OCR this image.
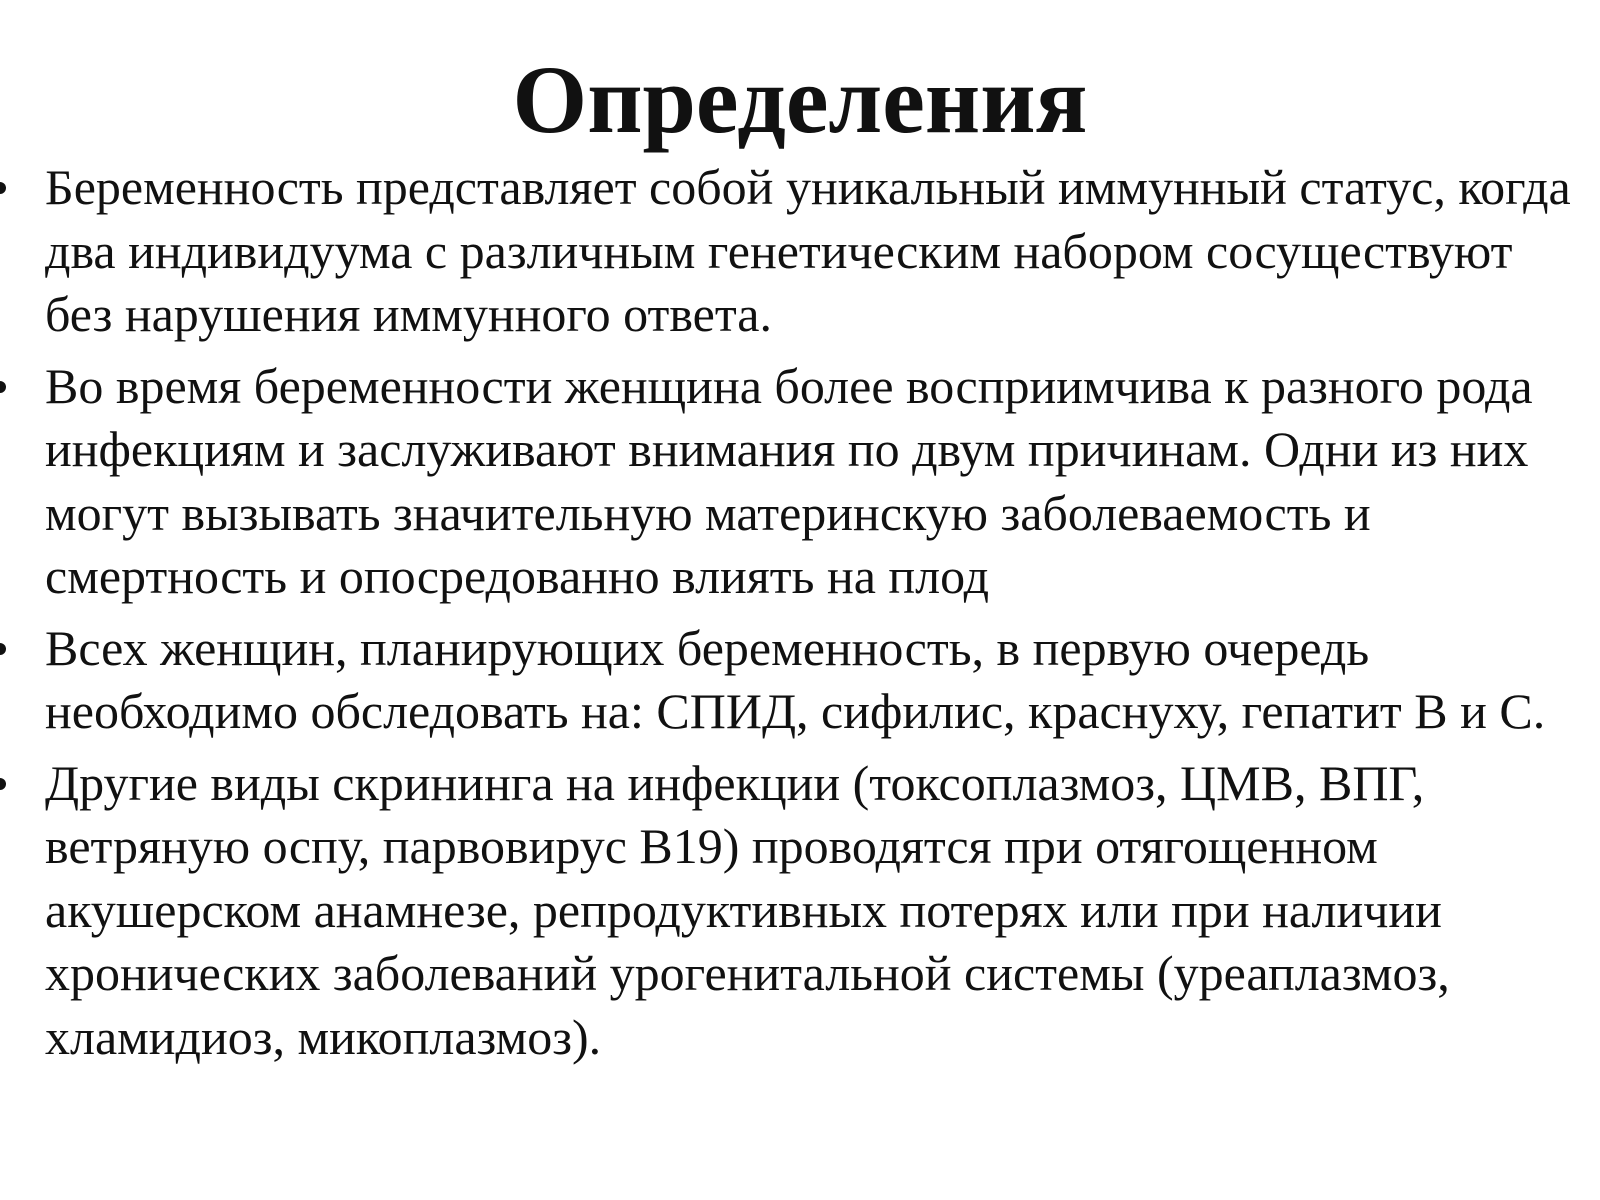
Определения
Беременность представляет собой уникальный иммунный статус, когда два индивидуума с различным генетическим набором сосуществуют без нарушения иммунного ответа.
Во время беременности женщина более восприимчива к разного рода инфекциям и заслуживают внимания по двум причинам. Одни из них могут вызывать значительную материнскую заболеваемость и смертность и опосредованно влиять на плод
Всех женщин, планирующих беременность, в первую очередь необходимо обследовать на: СПИД, сифилис, краснуху, гепатит В и С.
Другие виды скрининга на инфекции (токсоплазмоз, ЦМВ, ВПГ, ветряную оспу, парвовирус В19) проводятся при отягощенном акушерском анамнезе, репродуктивных потерях или при наличии хронических заболеваний урогенитальной системы (уреаплазмоз, хламидиоз, микоплазмоз).
